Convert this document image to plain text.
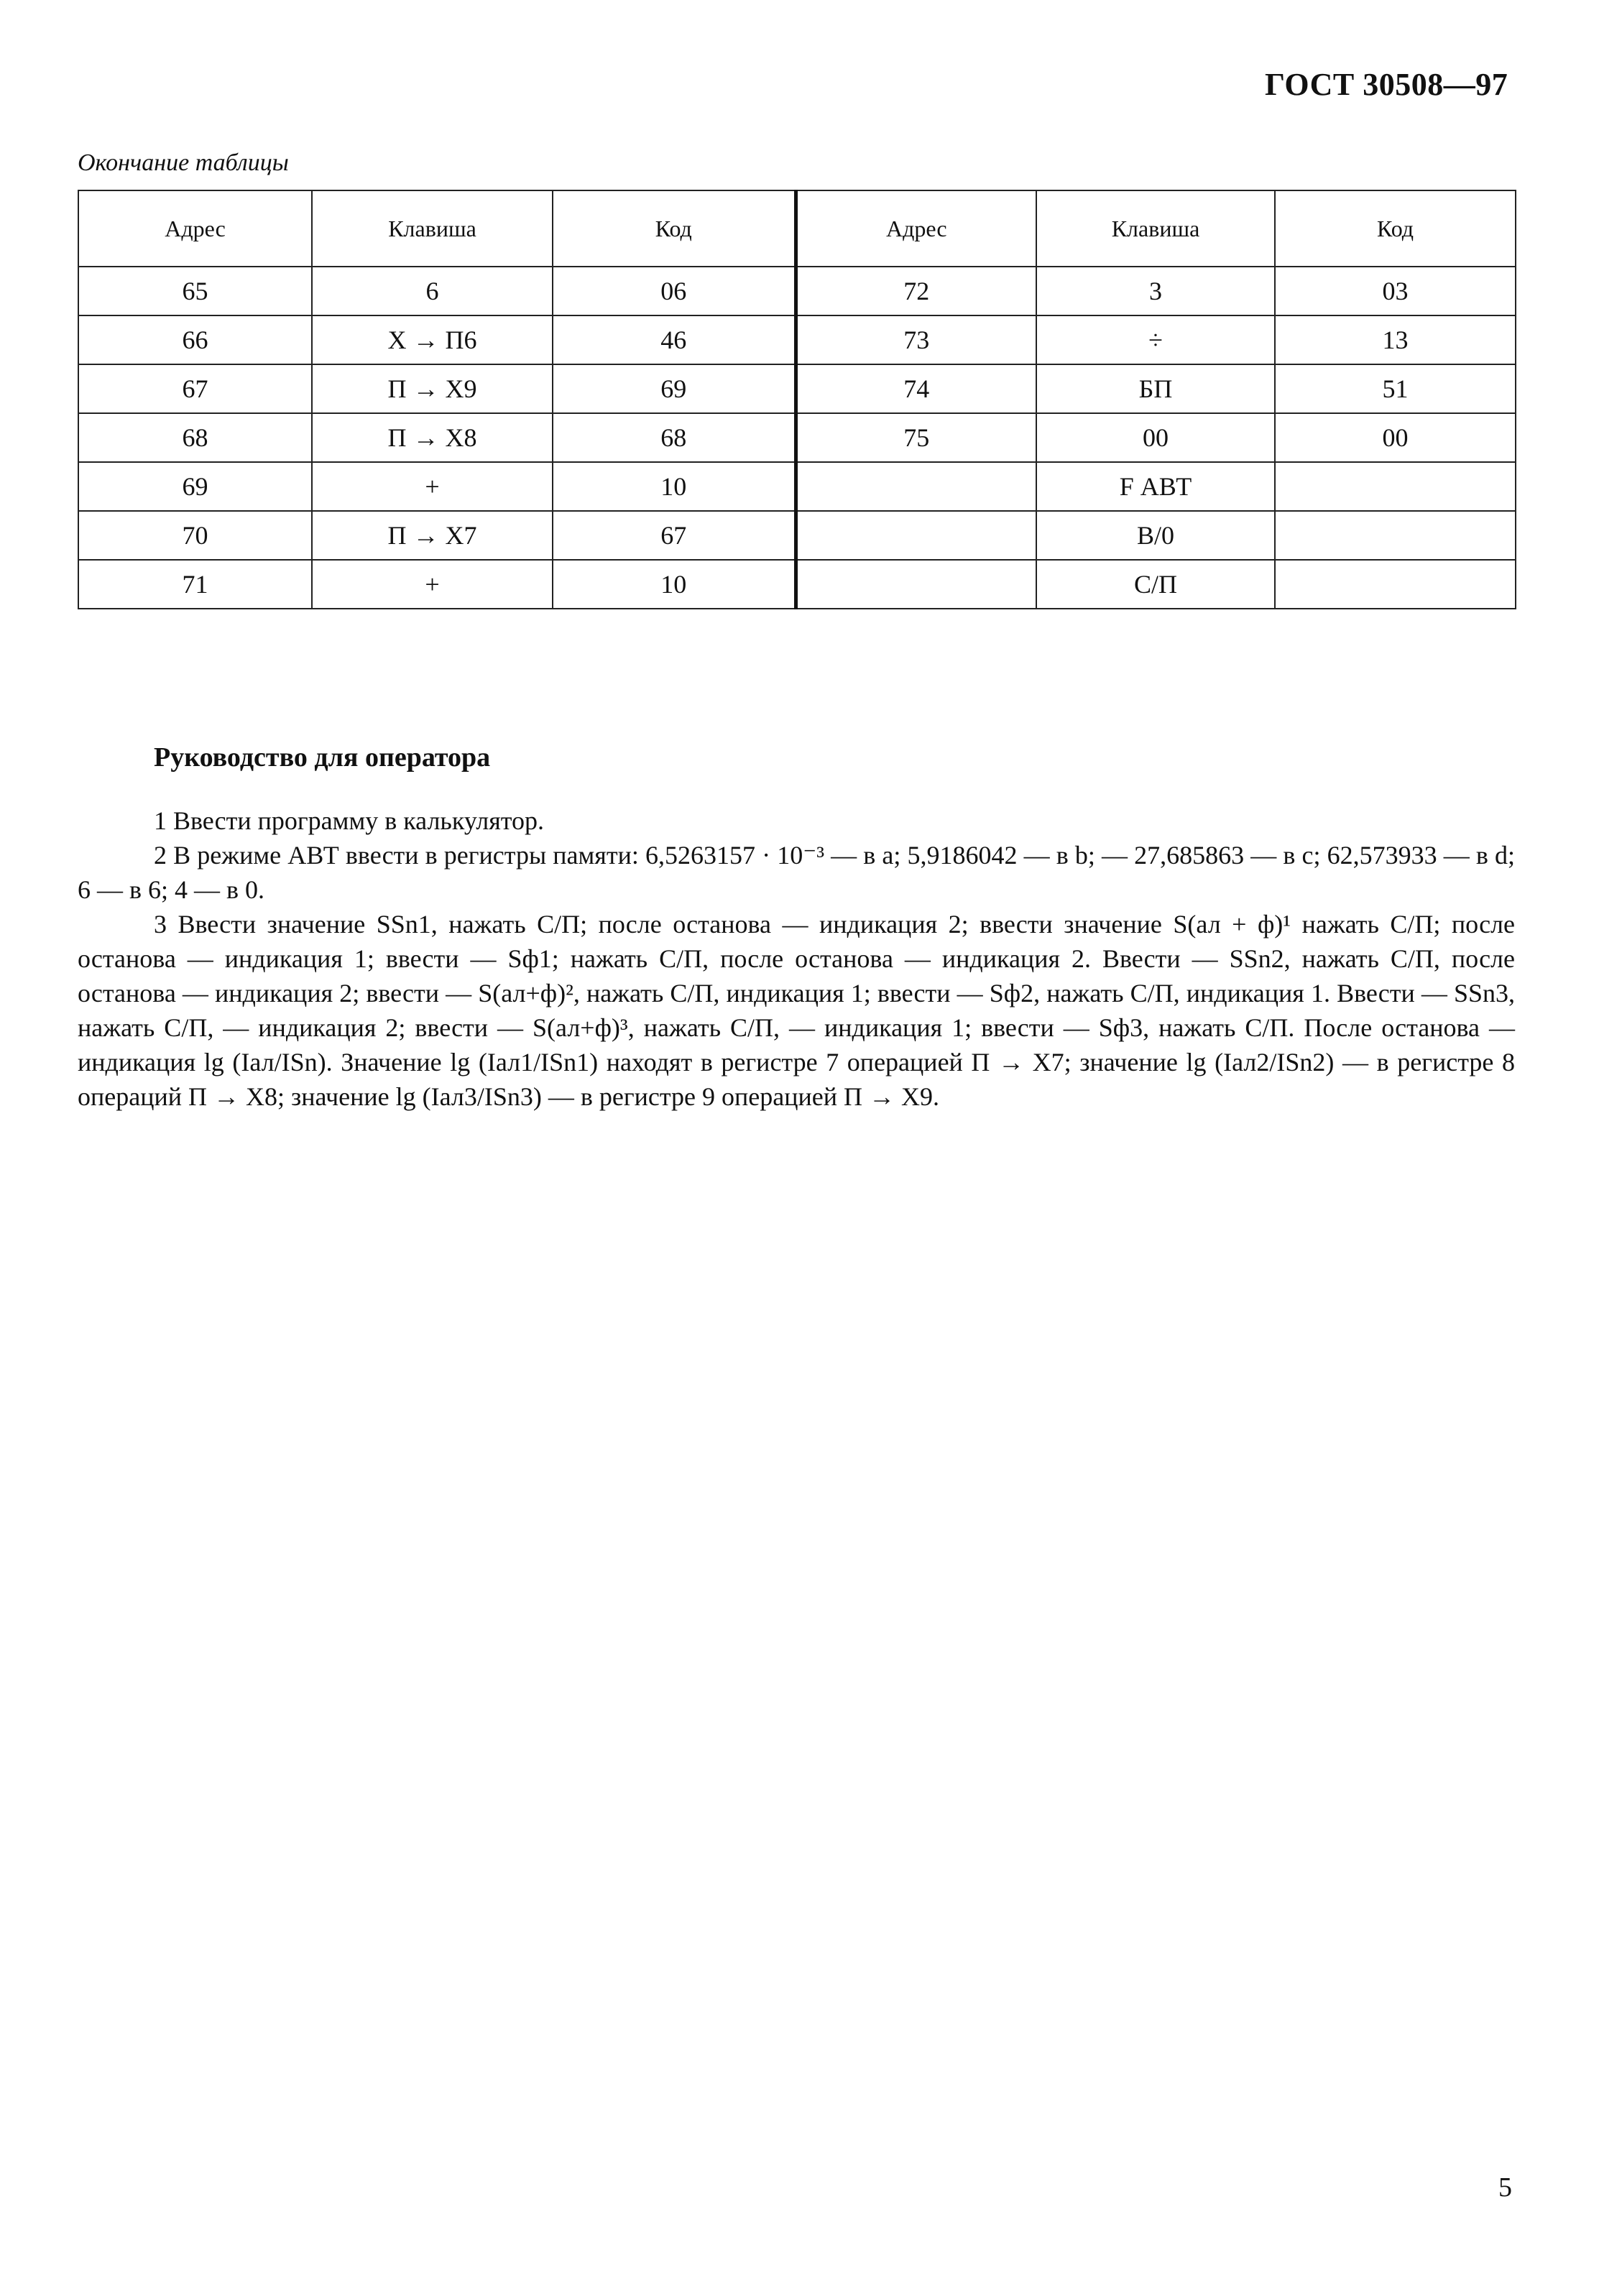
ГОСТ 30508—97
Окончание таблицы
Адрес	Клавиша	Код	Адрес	Клавиша	Код
65	6	06	72	3	03
66	X → П6	46	73	÷	13
67	П → X9	69	74	БП	51
68	П → X8	68	75	00	00
69	+	10		F АВТ	
70	П → X7	67		В/0	
71	+	10		С/П	
Руководство для оператора

1 Ввести программу в калькулятор.

2 В режиме АВТ ввести в регистры памяти: 6,5263157 · 10⁻³ — в a; 5,9186042 — в b; — 27,685863 — в c; 62,573933 — в d; 6 — в 6; 4 — в 0.

3 Ввести значение SSn1, нажать С/П; после останова — индикация 2; ввести значение S(ал + ф)¹ нажать С/П; после останова — индикация 1; ввести — Sф1; нажать С/П, после останова — индикация 2. Ввести — SSn2, нажать С/П, после останова — индикация 2; ввести — S(ал+ф)², нажать С/П, индикация 1; ввести — Sф2, нажать С/П, индикация 1. Ввести — SSn3, нажать С/П, — индикация 2; ввести — S(ал+ф)³, нажать С/П, — индикация 1; ввести — Sф3, нажать С/П. После останова — индикация lg (Iал/ISn). Значение lg (Iал1/ISn1) находят в регистре 7 операцией П → X7; значение lg (Iал2/ISn2) — в регистре 8 операций П → X8; значение lg (Iал3/ISn3) — в регистре 9 операцией П → X9.

5
